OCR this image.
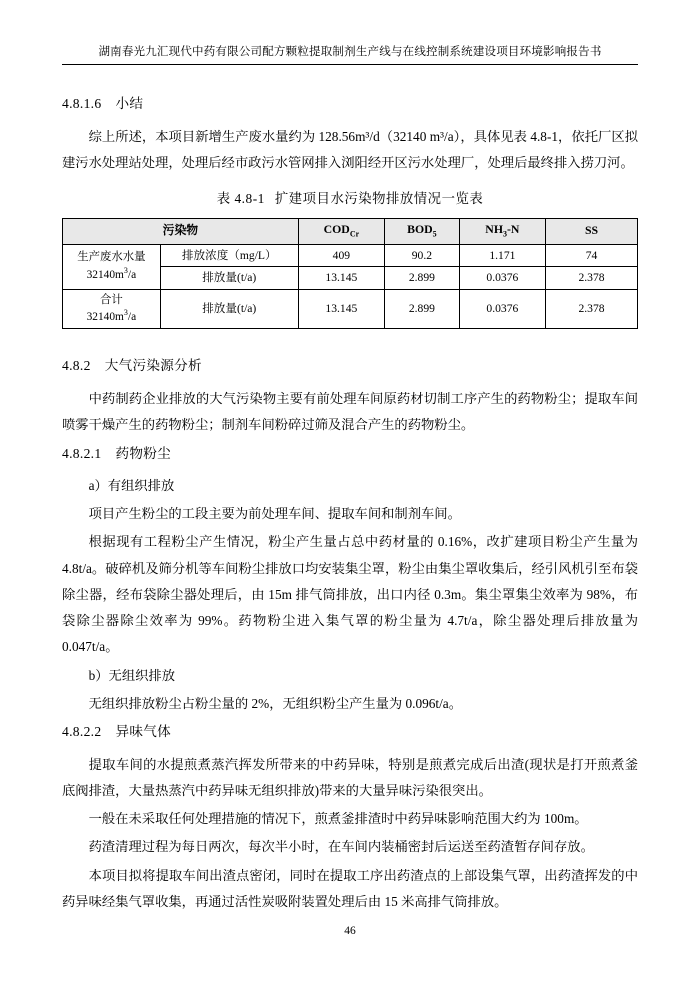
湖南春光九汇现代中药有限公司配方颗粒提取制剂生产线与在线控制系统建设项目环境影响报告书
4.8.1.6 小结

综上所述，本项目新增生产废水量约为 128.56m³/d（32140 m³/a），具体见表 4.8-1，依托厂区拟建污水处理站处理，处理后经市政污水管网排入浏阳经开区污水处理厂，处理后最终排入捞刀河。

表 4.8-1 扩建项目水污染物排放情况一览表
污染物		$COD_{Cr}$	$BOD_5$	$NH_3-N$	SS
生产废水水量
$32140m^3/a$	排放浓度（mg/L）	409	90.2	1.171	74
	排放量(t/a)	13.145	2.899	0.0376	2.378
合计
$32140m^3/a$	排放量(t/a)	13.145	2.899	0.0376	2.378
4.8.2 大气污染源分析

中药制药企业排放的大气污染物主要有前处理车间原药材切制工序产生的药物粉尘；提取车间喷雾干燥产生的药物粉尘；制剂车间粉碎过筛及混合产生的药物粉尘。

4.8.2.1 药物粉尘

a）有组织排放

项目产生粉尘的工段主要为前处理车间、提取车间和制剂车间。

根据现有工程粉尘产生情况，粉尘产生量占总中药材量的 0.16%，改扩建项目粉尘产生量为 4.8t/a。破碎机及筛分机等车间粉尘排放口均安装集尘罩，粉尘由集尘罩收集后，经引风机引至布袋除尘器，经布袋除尘器处理后，由 15m 排气筒排放，出口内径 0.3m。集尘罩集尘效率为 98%，布袋除尘器除尘效率为 99%。药物粉尘进入集气罩的粉尘量为 4.7t/a，除尘器处理后排放量为 0.047t/a。

b）无组织排放

无组织排放粉尘占粉尘量的 2%，无组织粉尘产生量为 0.096t/a。

4.8.2.2 异味气体

提取车间的水提煎煮蒸汽挥发所带来的中药异味，特别是煎煮完成后出渣(现状是打开煎煮釜底阀排渣，大量热蒸汽中药异味无组织排放)带来的大量异味污染很突出。

一般在未采取任何处理措施的情况下，煎煮釜排渣时中药异味影响范围大约为 100m。

药渣清理过程为每日两次，每次半小时，在车间内装桶密封后运送至药渣暂存间存放。

本项目拟将提取车间出渣点密闭，同时在提取工序出药渣点的上部设集气罩，出药渣挥发的中药异味经集气罩收集，再通过活性炭吸附装置处理后由 15 米高排气筒排放。

46
